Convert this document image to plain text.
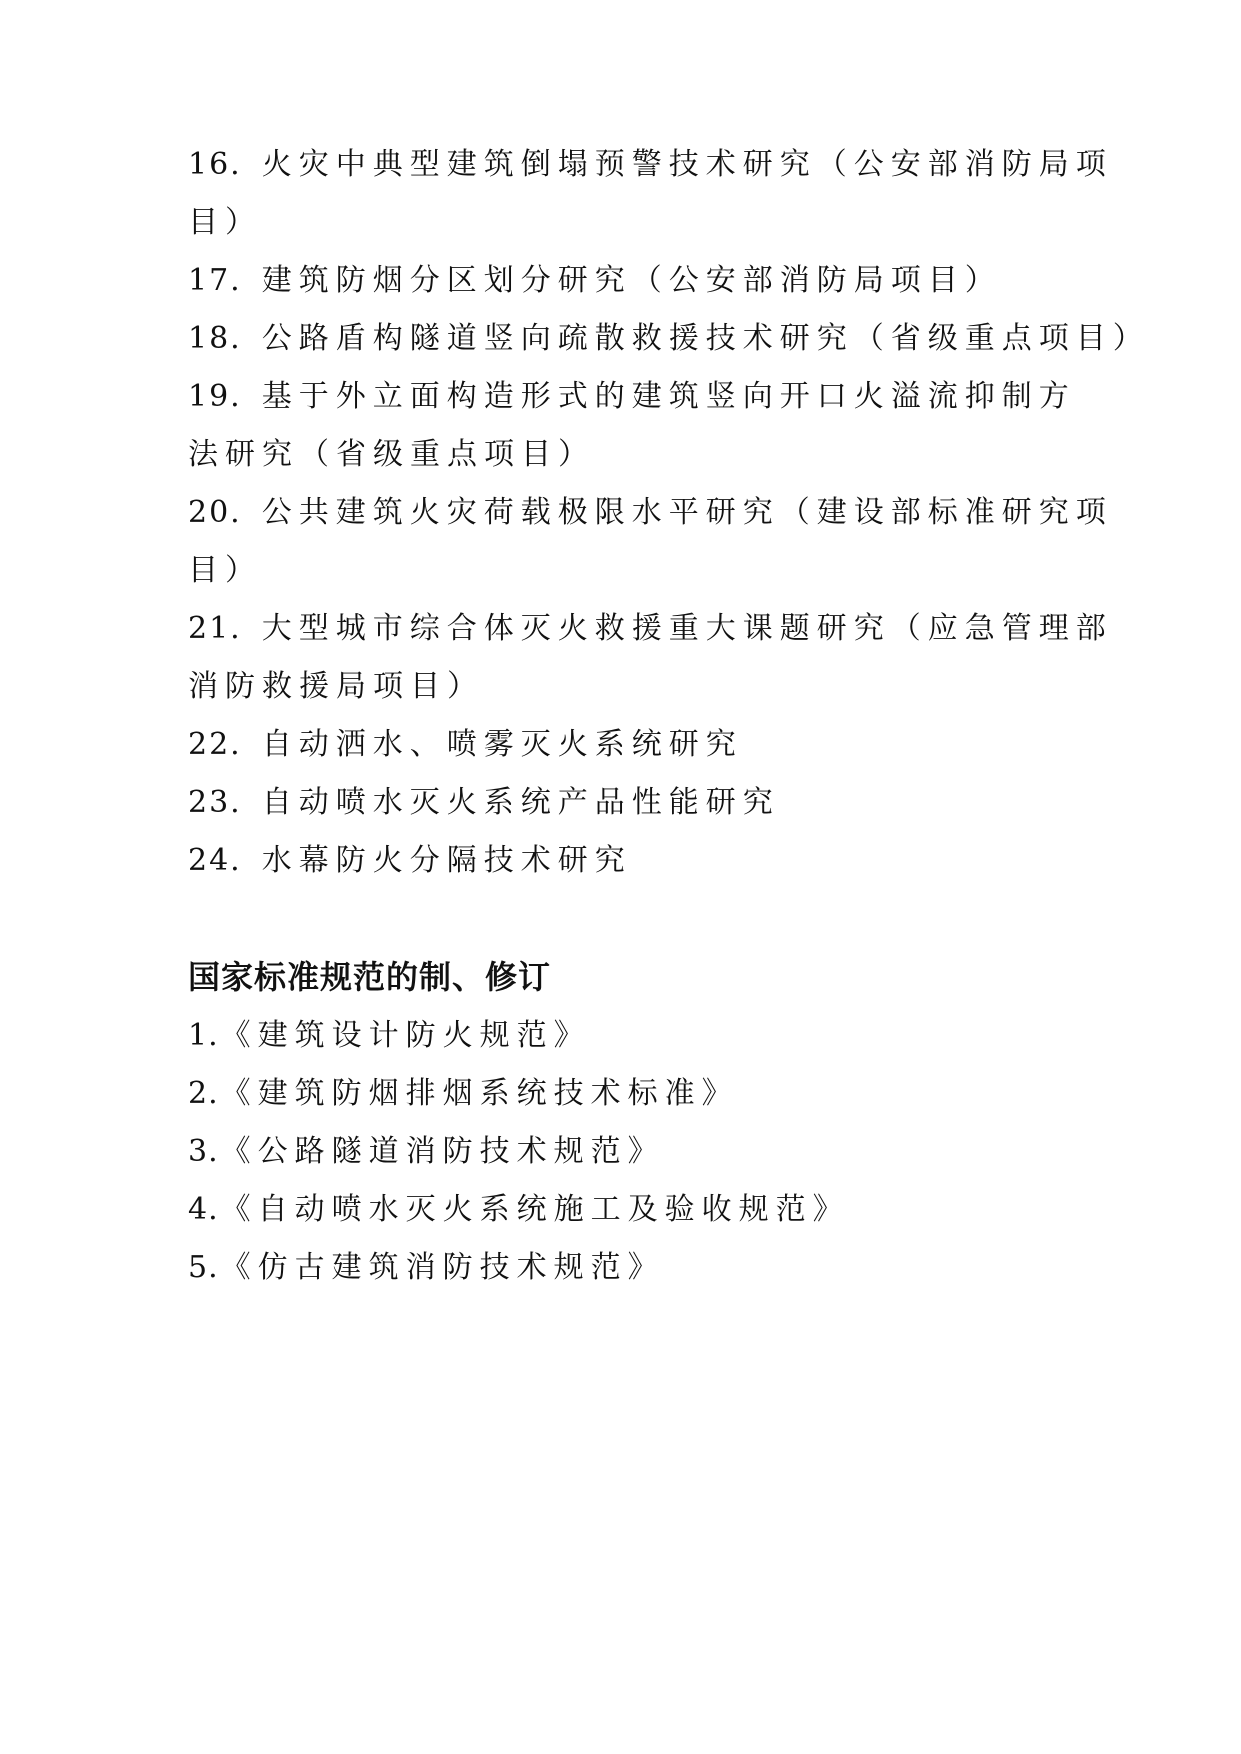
16. 火灾中典型建筑倒塌预警技术研究（公安部消防局项
目）
17. 建筑防烟分区划分研究（公安部消防局项目）
18. 公路盾构隧道竖向疏散救援技术研究（省级重点项目）
19. 基于外立面构造形式的建筑竖向开口火溢流抑制方
法研究（省级重点项目）
20. 公共建筑火灾荷载极限水平研究（建设部标准研究项
目）
21. 大型城市综合体灭火救援重大课题研究（应急管理部
消防救援局项目）
22. 自动洒水、喷雾灭火系统研究
23. 自动喷水灭火系统产品性能研究
24. 水幕防火分隔技术研究
国家标准规范的制、修订
1.《建筑设计防火规范》
2.《建筑防烟排烟系统技术标准》
3.《公路隧道消防技术规范》
4.《自动喷水灭火系统施工及验收规范》
5.《仿古建筑消防技术规范》
